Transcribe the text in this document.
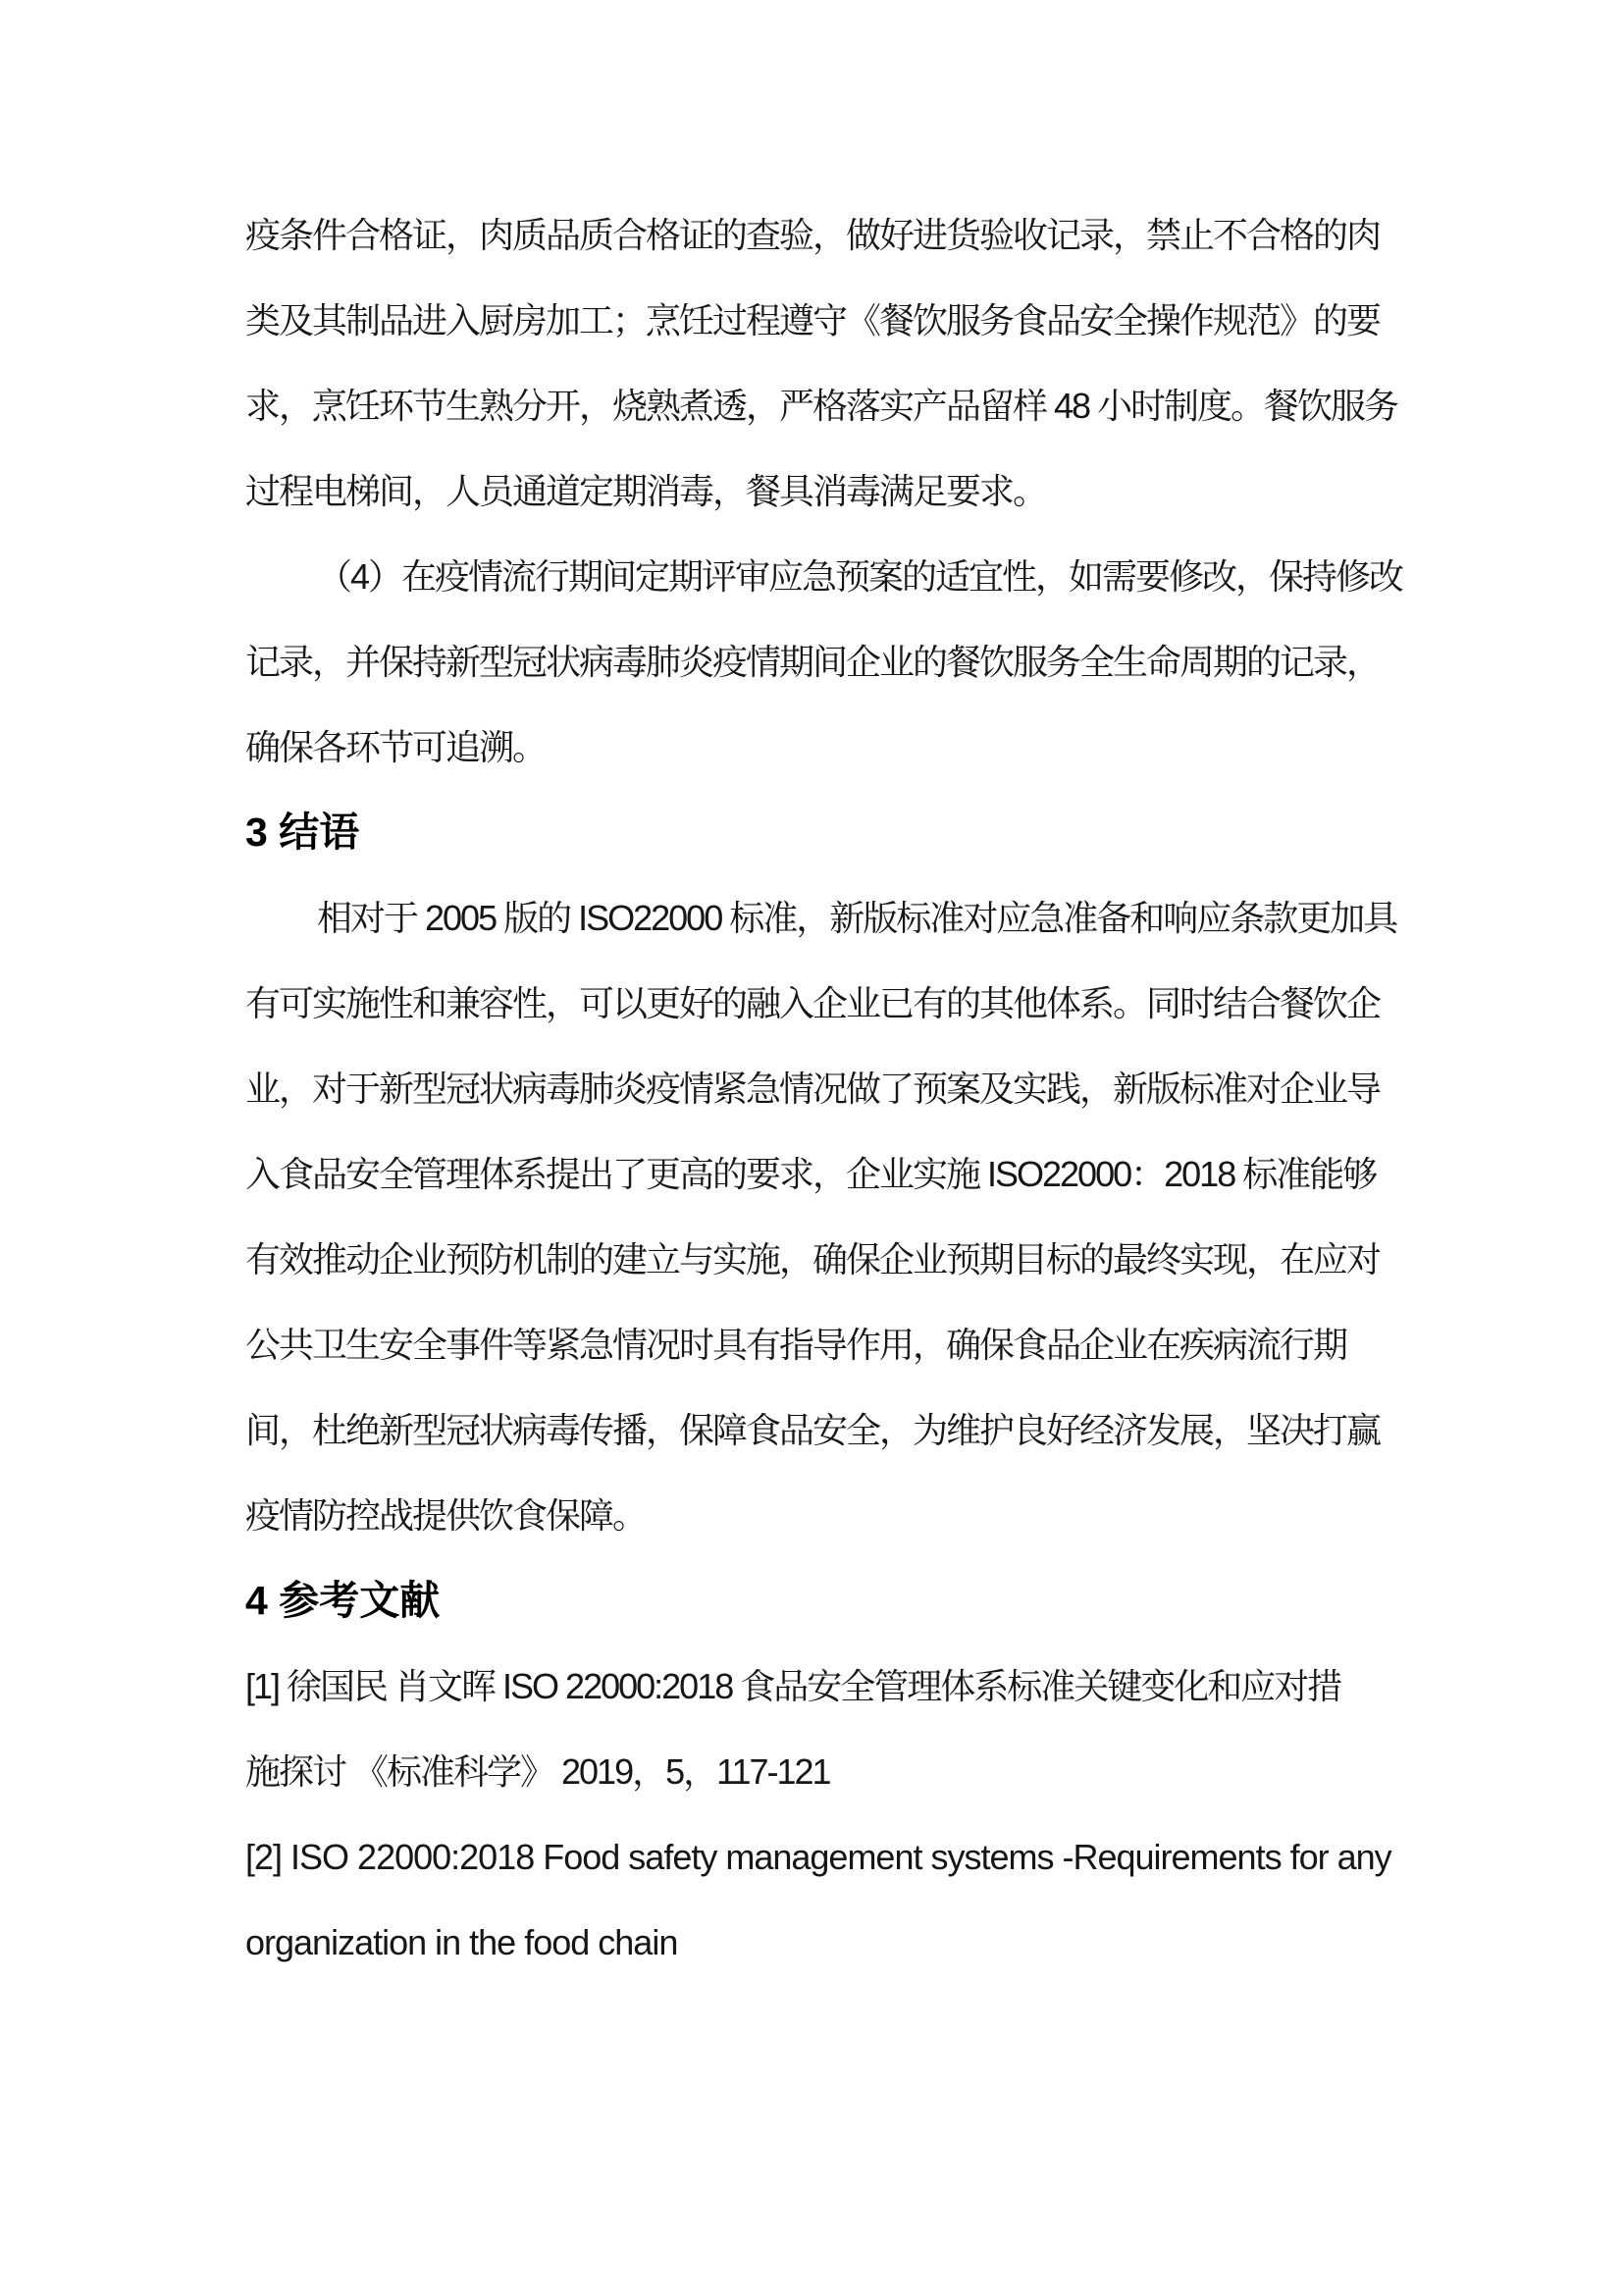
疫条件合格证，肉质品质合格证的查验，做好进货验收记录，禁止不合格的肉
类及其制品进入厨房加工；烹饪过程遵守《餐饮服务食品安全操作规范》的要
求，烹饪环节生熟分开，烧熟煮透，严格落实产品留样 48 小时制度。餐饮服务
过程电梯间，人员通道定期消毒，餐具消毒满足要求。
（4）在疫情流行期间定期评审应急预案的适宜性，如需要修改，保持修改
记录，并保持新型冠状病毒肺炎疫情期间企业的餐饮服务全生命周期的记录，
确保各环节可追溯。
3 结语
相对于 2005 版的 ISO22000 标准，新版标准对应急准备和响应条款更加具
有可实施性和兼容性，可以更好的融入企业已有的其他体系。同时结合餐饮企
业，对于新型冠状病毒肺炎疫情紧急情况做了预案及实践，新版标准对企业导
入食品安全管理体系提出了更高的要求，企业实施 ISO22000：2018 标准能够
有效推动企业预防机制的建立与实施，确保企业预期目标的最终实现，在应对
公共卫生安全事件等紧急情况时具有指导作用，确保食品企业在疾病流行期
间，杜绝新型冠状病毒传播，保障食品安全，为维护良好经济发展，坚决打赢
疫情防控战提供饮食保障。
4 参考文献
[1] 徐国民 肖文晖 ISO 22000:2018 食品安全管理体系标准关键变化和应对措
施探讨 《标准科学》 2019，5，117-121
[2] ISO 22000:2018 Food safety management systems -Requirements for any
organization in the food chain
